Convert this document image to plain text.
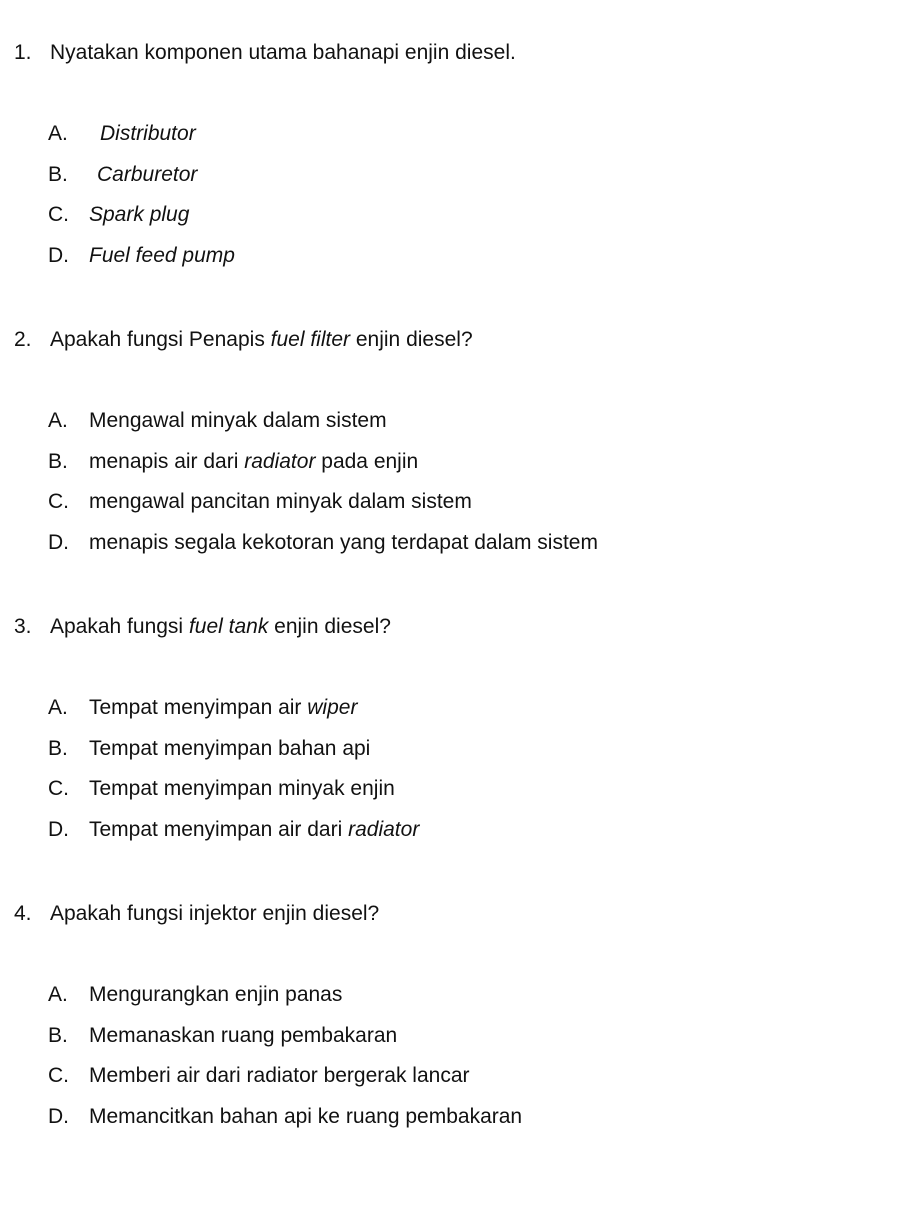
1. Nyatakan komponen utama bahanapi enjin diesel.
A. Distributor
B. Carburetor
C. Spark plug
D. Fuel feed pump
2. Apakah fungsi Penapis fuel filter enjin diesel?
A. Mengawal minyak dalam sistem
B. menapis air dari radiator pada enjin
C. mengawal pancitan minyak dalam sistem
D. menapis segala kekotoran yang terdapat dalam sistem
3. Apakah fungsi fuel tank enjin diesel?
A. Tempat menyimpan air wiper
B. Tempat menyimpan bahan api
C. Tempat menyimpan minyak enjin
D. Tempat menyimpan air dari radiator
4. Apakah fungsi injektor enjin diesel?
A. Mengurangkan enjin panas
B. Memanaskan ruang pembakaran
C. Memberi air dari radiator bergerak lancar
D. Memancitkan bahan api ke ruang pembakaran
